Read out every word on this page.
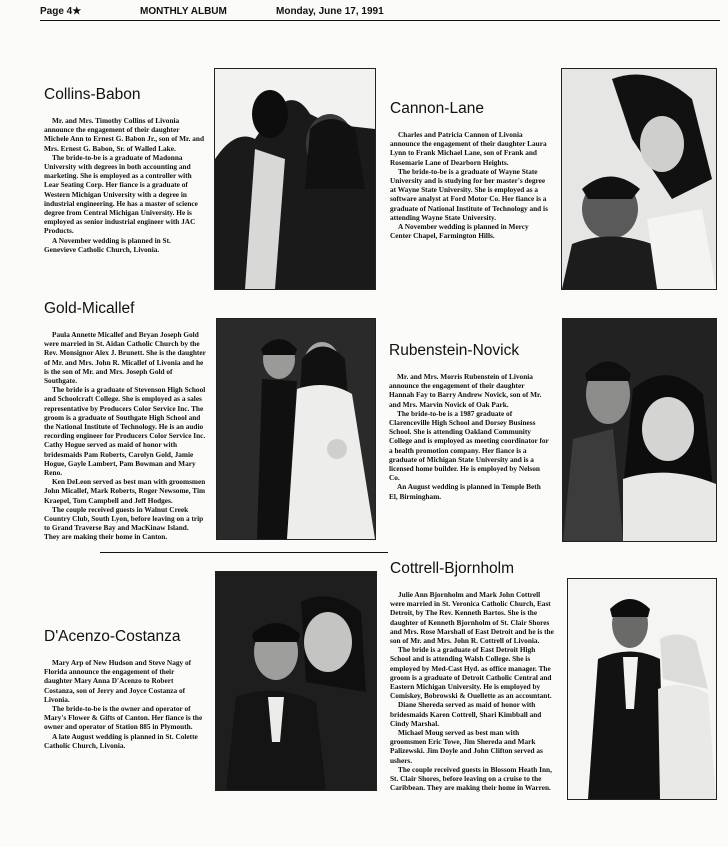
Page 4★	MONTHLY ALBUM	Monday, June 17, 1991
Collins-Babon

Mr. and Mrs. Timothy Collins of Livonia announce the engagement of their daughter Michele Ann to Ernest G. Babon Jr., son of Mr. and Mrs. Ernest G. Babon, Sr. of Walled Lake.

The bride-to-be is a graduate of Madonna University with degrees in both accounting and marketing. She is employed as a controller with Lear Seating Corp. Her fiance is a graduate of Western Michigan University with a degree in industrial engineering. He has a master of science degree from Central Michigan University. He is employed as senior industrial engineer with JAC Products.

A November wedding is planned in St. Genevieve Catholic Church, Livonia.

Cannon-Lane

Charles and Patricia Cannon of Livonia announce the engagement of their daughter Laura Lynn to Frank Michael Lane, son of Frank and Rosemarie Lane of Dearborn Heights.

The bride-to-be is a graduate of Wayne State University and is studying for her master's degree at Wayne State University. She is employed as a software analyst at Ford Motor Co. Her fiance is a graduate of National Institute of Technology and is attending Wayne State University.

A November wedding is planned in Mercy Center Chapel, Farmington Hills.

Gold-Micallef

Paula Annette Micallef and Bryan Joseph Gold were married in St. Aidan Catholic Church by the Rev. Monsignor Alex J. Brunett. She is the daughter of Mr. and Mrs. John R. Micallef of Livonia and he is the son of Mr. and Mrs. Joseph Gold of Southgate.

The bride is a graduate of Stevenson High School and Schoolcraft College. She is employed as a sales representative by Producers Color Service Inc. The groom is a graduate of Southgate High School and the National Institute of Technology. He is an audio recording engineer for Producers Color Service Inc. Cathy Hogue served as maid of honor with bridesmaids Pam Roberts, Carolyn Gold, Jamie Hogue, Gayle Lambert, Pam Bowman and Mary Reno.

Ken DeLeon served as best man with groomsmen John Micallef, Mark Roberts, Roger Newsome, Tim Kraepel, Tom Campbell and Jeff Hodges.

The couple received guests in Walnut Creek Country Club, South Lyon, before leaving on a trip to Grand Traverse Bay and MacKinaw Island. They are making their home in Canton.

Rubenstein-Novick

Mr. and Mrs. Morris Rubenstein of Livonia announce the engagement of their daughter Hannah Fay to Barry Andrew Novick, son of Mr. and Mrs. Marvin Novick of Oak Park.

The bride-to-be is a 1987 graduate of Clarenceville High School and Dorsey Business School. She is attending Oakland Community College and is employed as meeting coordinator for a health promotion company. Her fiance is a graduate of Michigan State University and is a licensed home builder. He is employed by Nelson Co.

An August wedding is planned in Temple Beth El, Birmingham.

D'Acenzo-Costanza

Mary Arp of New Hudson and Steve Nagy of Florida announce the engagement of their daughter Mary Anna D'Acenzo to Robert Costanza, son of Jerry and Joyce Costanza of Livonia.

The bride-to-be is the owner and operator of Mary's Flower & Gifts of Canton. Her fiance is the owner and operator of Station 885 in Plymouth.

A late August wedding is planned in St. Colette Catholic Church, Livonia.

Cottrell-Bjornholm

Julie Ann Bjornholm and Mark John Cottrell were married in St. Veronica Catholic Church, East Detroit, by The Rev. Kenneth Bartos. She is the daughter of Kenneth Bjornholm of St. Clair Shores and Mrs. Rose Marshall of East Detroit and he is the son of Mr. and Mrs. John R. Cottrell of Livonia.

The bride is a graduate of East Detroit High School and is attending Walsh College. She is employed by Med-Cast Hyd. as office manager. The groom is a graduate of Detroit Catholic Central and Eastern Michigan University. He is employed by Comiskey, Bobrowski & Ouellette as an accountant.

Diane Shereda served as maid of honor with bridesmaids Karen Cottrell, Shari Kimbball and Cindy Marshal.

Michael Moug served as best man with groomsmen Eric Towe, Jim Shereda and Mark Palizewski. Jim Doyle and John Clifton served as ushers.

The couple received guests in Blossom Heath Inn, St. Clair Shores, before leaving on a cruise to the Caribbean. They are making their home in Warren.
